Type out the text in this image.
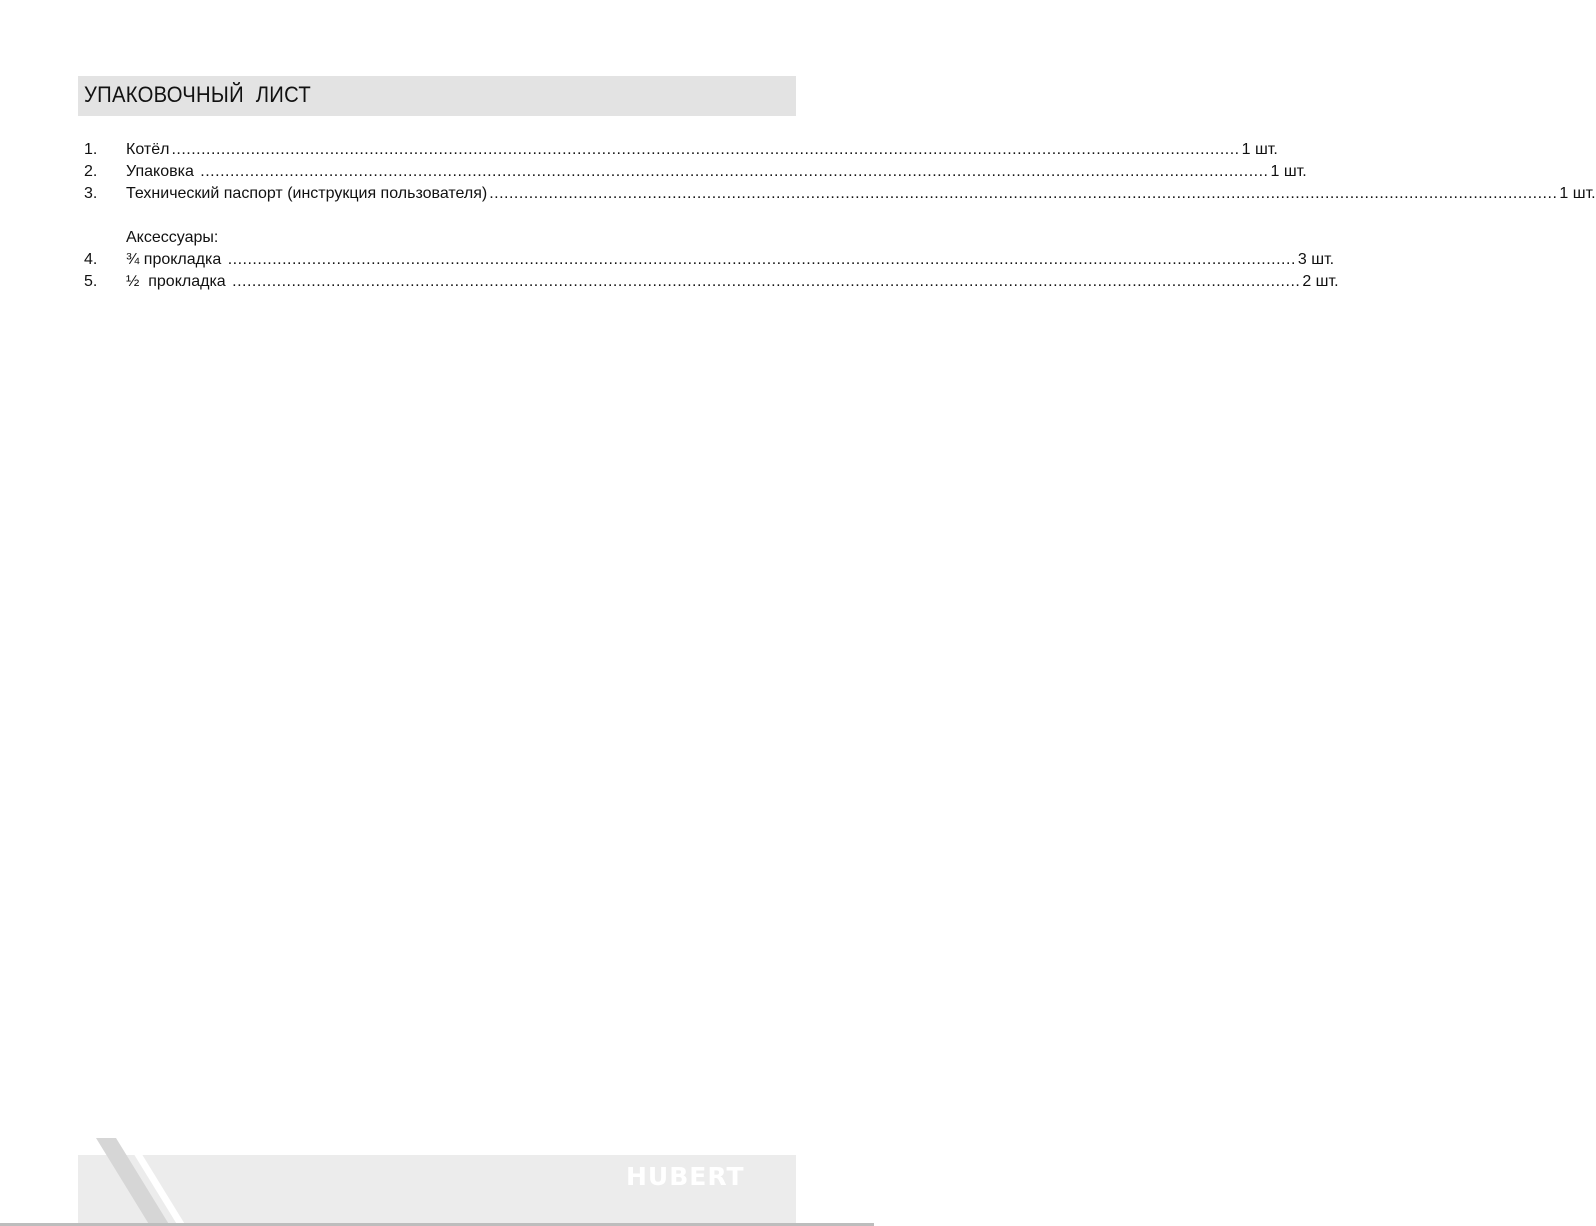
УПАКОВОЧНЫЙ  ЛИСТ
1.	Котёл ........................................................................................................................................................................................................................ 1 шт.
2.	Упаковка ........................................................................................................................................................................................................................ 1 шт.
3.	Технический паспорт (инструкция пользователя) ........................................................................................................................................................................................................................ 1 шт.
Аксессуары:
4.	¾ прокладка ........................................................................................................................................................................................................................ 3 шт.
5.	½  прокладка ........................................................................................................................................................................................................................ 2 шт.
HUBERT
